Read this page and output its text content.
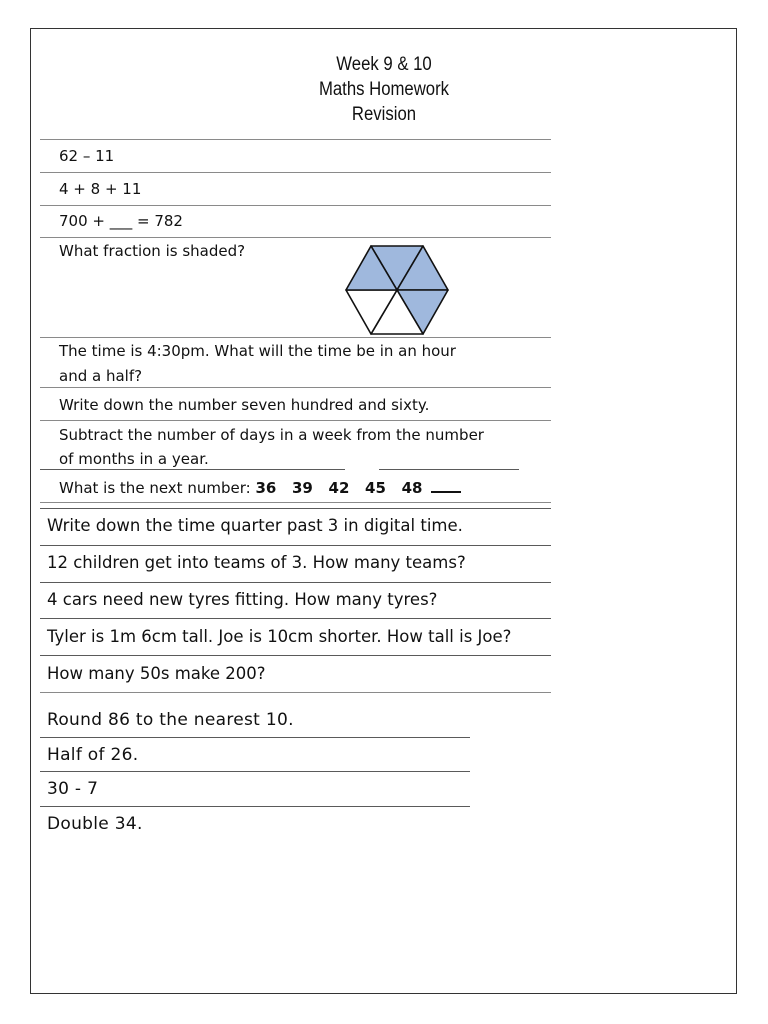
Week 9 & 10
Maths Homework
Revision
62 – 11
4 + 8 + 11
700 + ___ = 782
What fraction is shaded?
The time is 4:30pm. What will the time be in an hour
and a half?
Write down the number seven hundred and sixty.
Subtract the number of days in a week from the number
of months in a year.
What is the next number: 36   39   42   45   48
Write down the time quarter past 3 in digital time.
12 children get into teams of 3. How many teams?
4 cars need new tyres fitting. How many tyres?
Tyler is 1m 6cm tall. Joe is 10cm shorter. How tall is Joe?
How many 50s make 200?
Round 86 to the nearest 10.
Half of 26.
30 - 7
Double 34.
